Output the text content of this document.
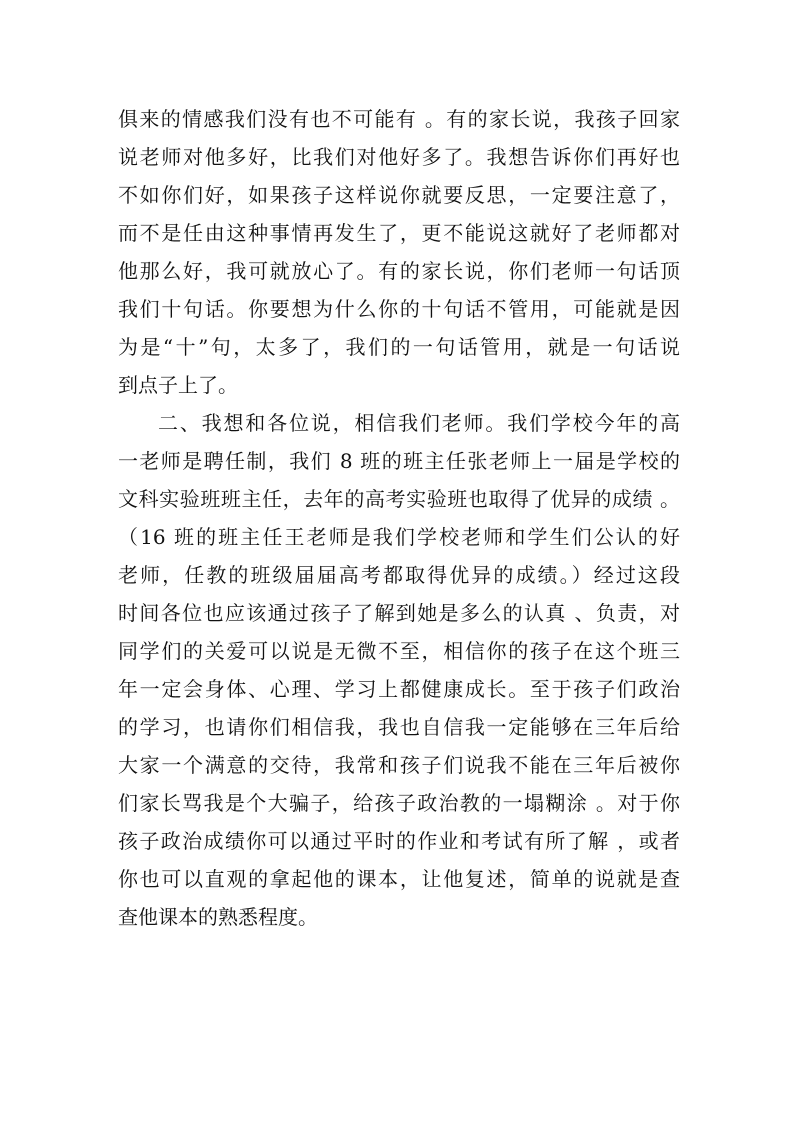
俱来的情感我们没有也不可能有 。有的家长说，我孩子回家
说老师对他多好，比我们对他好多了。我想告诉你们再好也
不如你们好，如果孩子这样说你就要反思，一定要注意了，
而不是任由这种事情再发生了，更不能说这就好了老师都对
他那么好，我可就放心了。有的家长说，你们老师一句话顶
我们十句话。你要想为什么你的十句话不管用，可能就是因
为是“十”句，太多了，我们的一句话管用，就是一句话说
到点子上了。
二、我想和各位说，相信我们老师。我们学校今年的高
一老师是聘任制，我们 8 班的班主任张老师上一届是学校的
文科实验班班主任，去年的高考实验班也取得了优异的成绩 。
（16 班的班主任王老师是我们学校老师和学生们公认的好
老师，任教的班级届届高考都取得优异的成绩。）经过这段
时间各位也应该通过孩子了解到她是多么的认真 、负责，对
同学们的关爱可以说是无微不至，相信你的孩子在这个班三
年一定会身体、心理、学习上都健康成长。至于孩子们政治
的学习，也请你们相信我，我也自信我一定能够在三年后给
大家一个满意的交待，我常和孩子们说我不能在三年后被你
们家长骂我是个大骗子，给孩子政治教的一塌糊涂 。对于你
孩子政治成绩你可以通过平时的作业和考试有所了解 ，或者
你也可以直观的拿起他的课本，让他复述，简单的说就是查
查他课本的熟悉程度。
